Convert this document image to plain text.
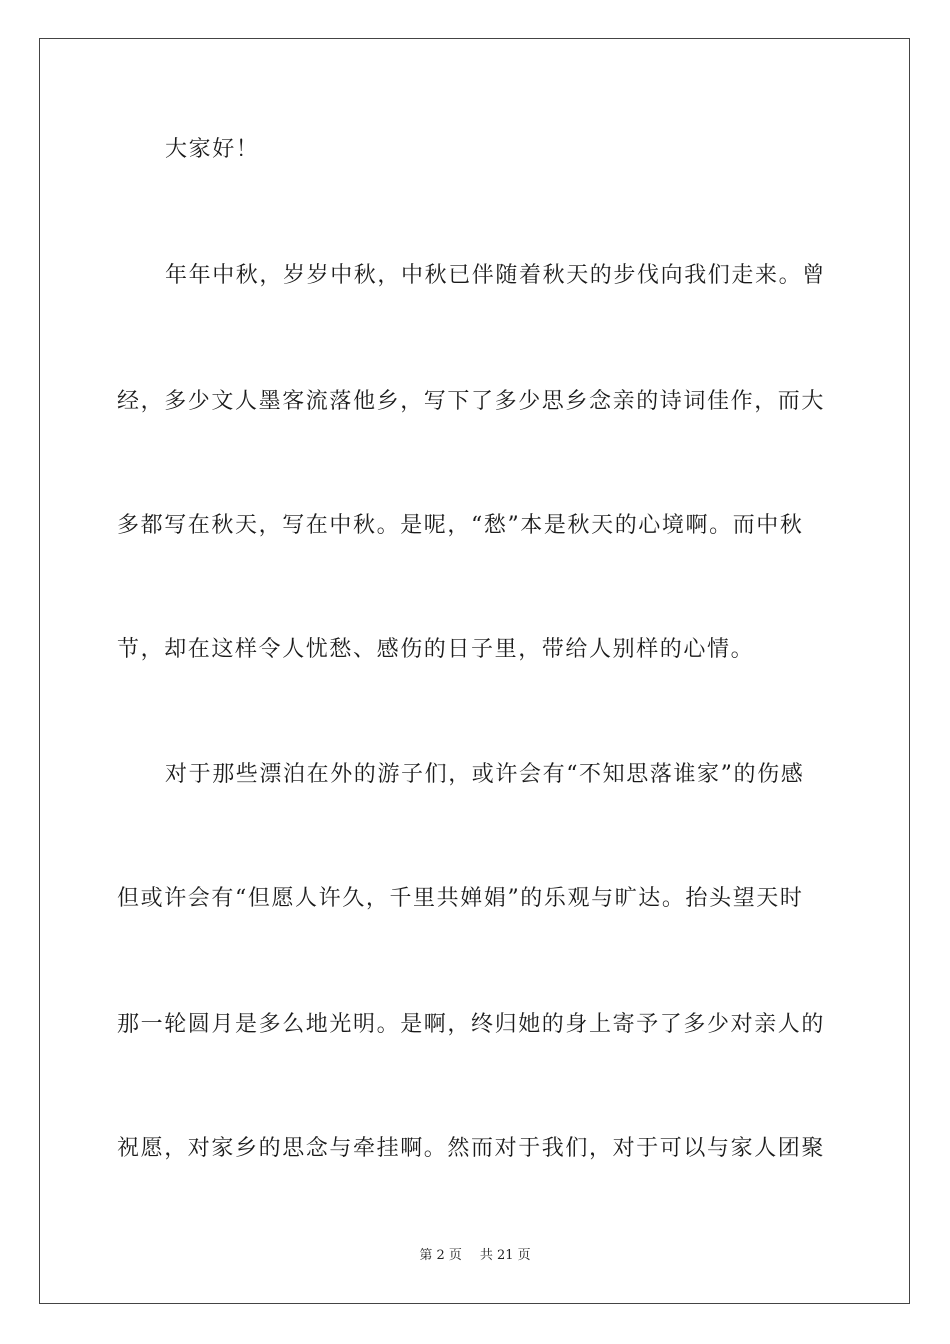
大家好！
年年中秋，岁岁中秋，中秋已伴随着秋天的步伐向我们走来。曾
经，多少文人墨客流落他乡，写下了多少思乡念亲的诗词佳作，而大
多都写在秋天，写在中秋。是呢，“愁”本是秋天的心境啊。而中秋
节，却在这样令人忧愁、感伤的日子里，带给人别样的心情。
对于那些漂泊在外的游子们，或许会有“不知思落谁家”的伤感
但或许会有“但愿人许久，千里共婵娟”的乐观与旷达。抬头望天时
那一轮圆月是多么地光明。是啊，终归她的身上寄予了多少对亲人的
祝愿，对家乡的思念与牵挂啊。然而对于我们，对于可以与家人团聚
第 2 页 共 21 页
